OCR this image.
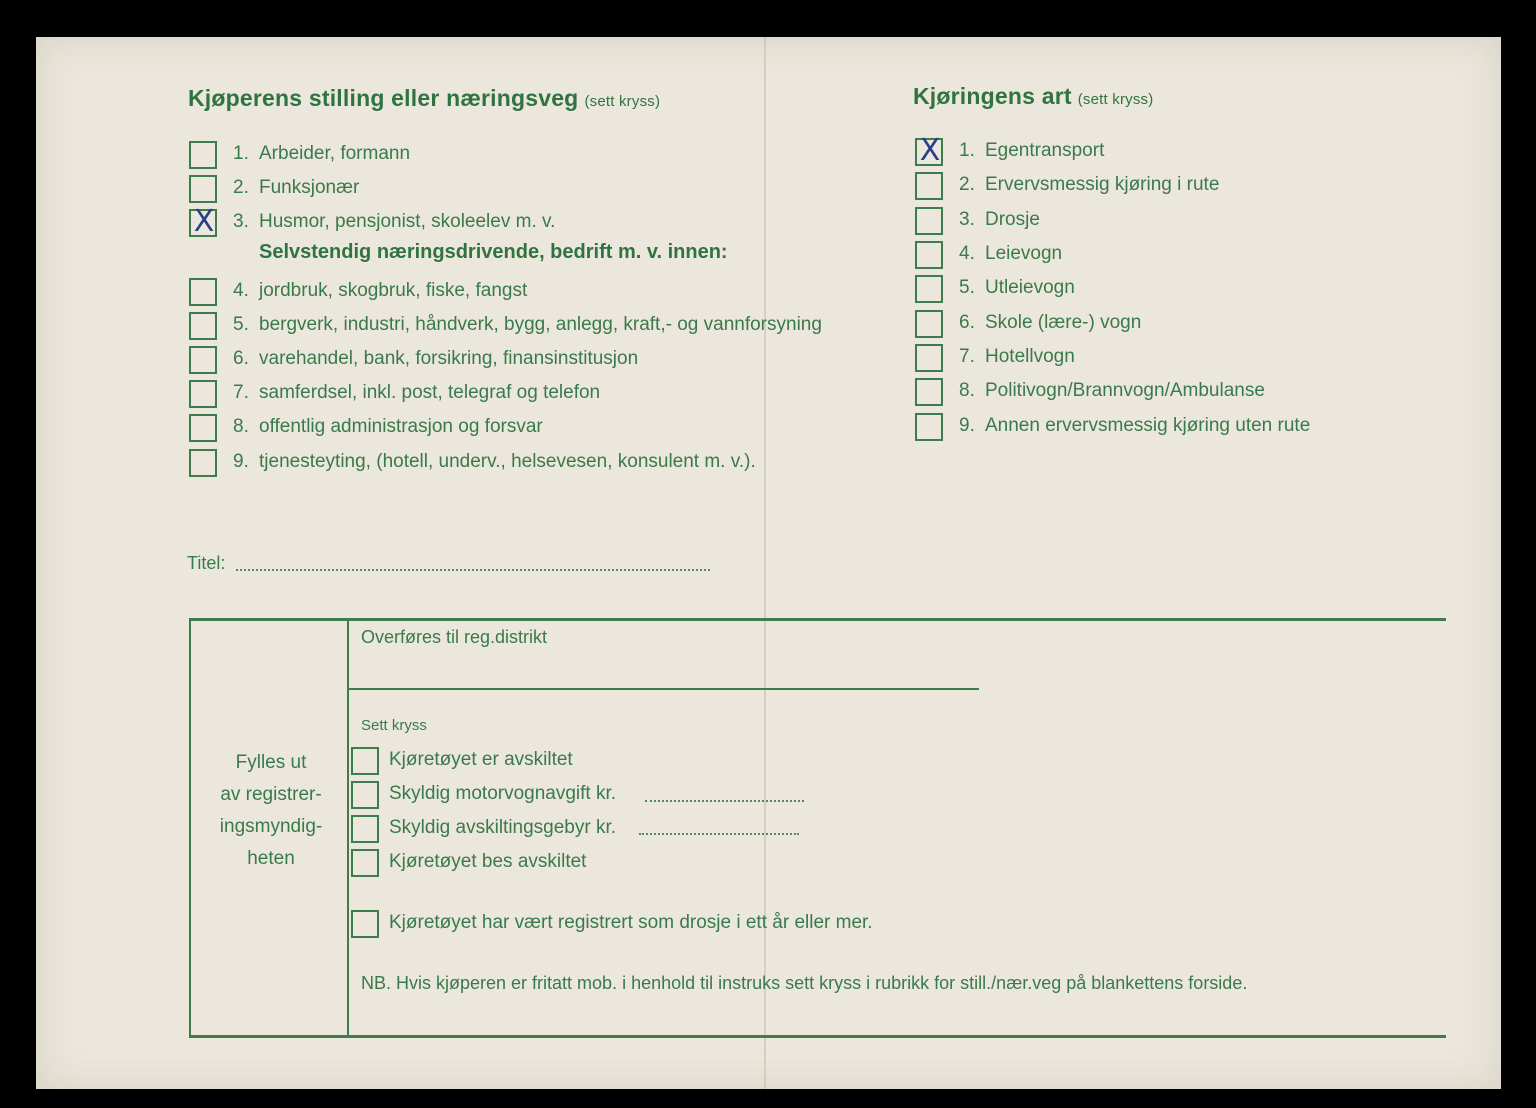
Kjøperens stilling eller næringsveg (sett kryss)
1. Arbeider, formann
2. Funksjonær
X 3. Husmor, pensjonist, skoleelev m. v.
Selvstendig næringsdrivende, bedrift m. v. innen:
4. jordbruk, skogbruk, fiske, fangst
5. bergverk, industri, håndverk, bygg, anlegg, kraft,- og vannforsyning
6. varehandel, bank, forsikring, finansinstitusjon
7. samferdsel, inkl. post, telegraf og telefon
8. offentlig administrasjon og forsvar
9. tjenesteyting, (hotell, underv., helsevesen, konsulent m. v.).
Kjøringens art (sett kryss)
X 1. Egentransport
2. Ervervsmessig kjøring i rute
3. Drosje
4. Leievogn
5. Utleievogn
6. Skole (lære-) vogn
7. Hotellvogn
8. Politivogn/Brannvogn/Ambulanse
9. Annen ervervsmessig kjøring uten rute
Titel:
Fylles ut
av registrer-
ingsmyndig-
heten
Overføres til reg.distrikt
Sett kryss
Kjøretøyet er avskiltet
Skyldig motorvognavgift kr.
Skyldig avskiltingsgebyr kr.
Kjøretøyet bes avskiltet
Kjøretøyet har vært registrert som drosje i ett år eller mer.
NB. Hvis kjøperen er fritatt mob. i henhold til instruks sett kryss i rubrikk for still./nær.veg på blankettens forside.
